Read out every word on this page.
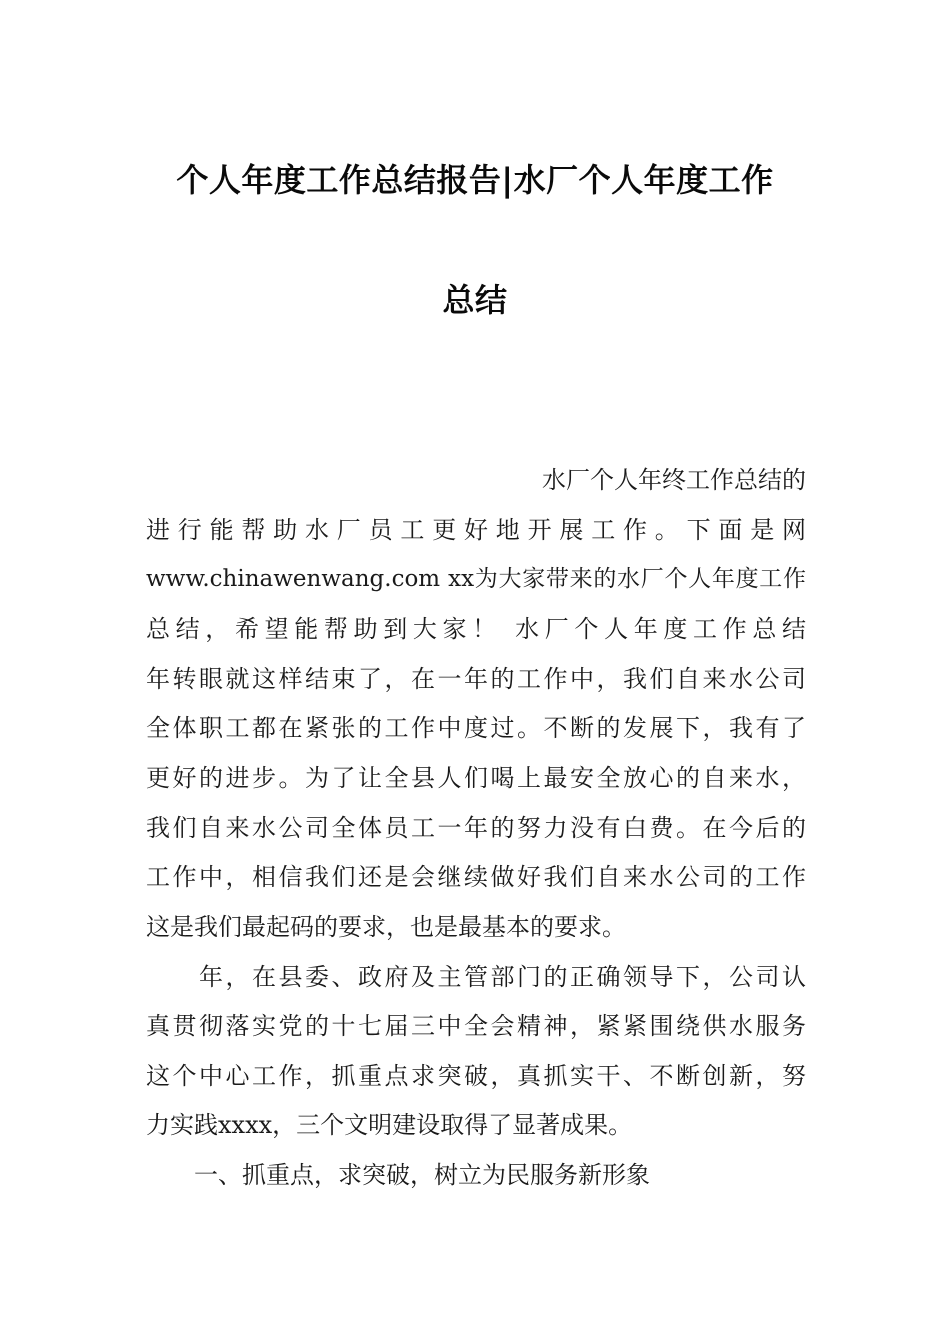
个人年度工作总结报告|水厂个人年度工作
总结
水厂个人年终工作总结的
进行能帮助水厂员工更好地开展工作。下面是网
www.chinawenwang.com xx为大家带来的水厂个人年度工作
总结，希望能帮助到大家！ 水厂个人年度工作总结
年转眼就这样结束了，在一年的工作中，我们自来水公司
全体职工都在紧张的工作中度过。不断的发展下，我有了
更好的进步。为了让全县人们喝上最安全放心的自来水，
我们自来水公司全体员工一年的努力没有白费。在今后的
工作中，相信我们还是会继续做好我们自来水公司的工作
这是我们最起码的要求，也是最基本的要求。
　　年，在县委、政府及主管部门的正确领导下，公司认
真贯彻落实党的十七届三中全会精神，紧紧围绕供水服务
这个中心工作，抓重点求突破，真抓实干、不断创新，努
力实践xxxx，三个文明建设取得了显著成果。
　　一、抓重点，求突破，树立为民服务新形象
